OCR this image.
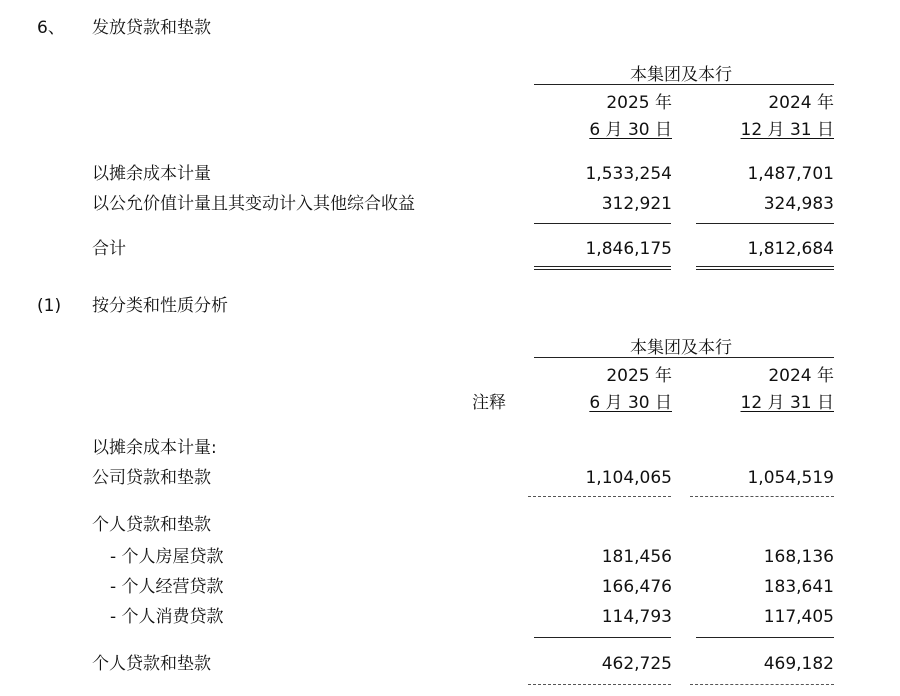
6、 发放贷款和垫款
本集团及本行
2025 年	2024 年
6 月 30 日	12 月 31 日
以摊余成本计量	1,533,254	1,487,701
以公允价值计量且其变动计入其他综合收益	312,921	324,983
合计	1,846,175	1,812,684
(1) 按分类和性质分析
本集团及本行
2025 年	2024 年
注释	6 月 30 日	12 月 31 日
以摊余成本计量:
公司贷款和垫款	1,104,065	1,054,519
个人贷款和垫款
- 个人房屋贷款	181,456	168,136
- 个人经营贷款	166,476	183,641
- 个人消费贷款	114,793	117,405
个人贷款和垫款	462,725	469,182
